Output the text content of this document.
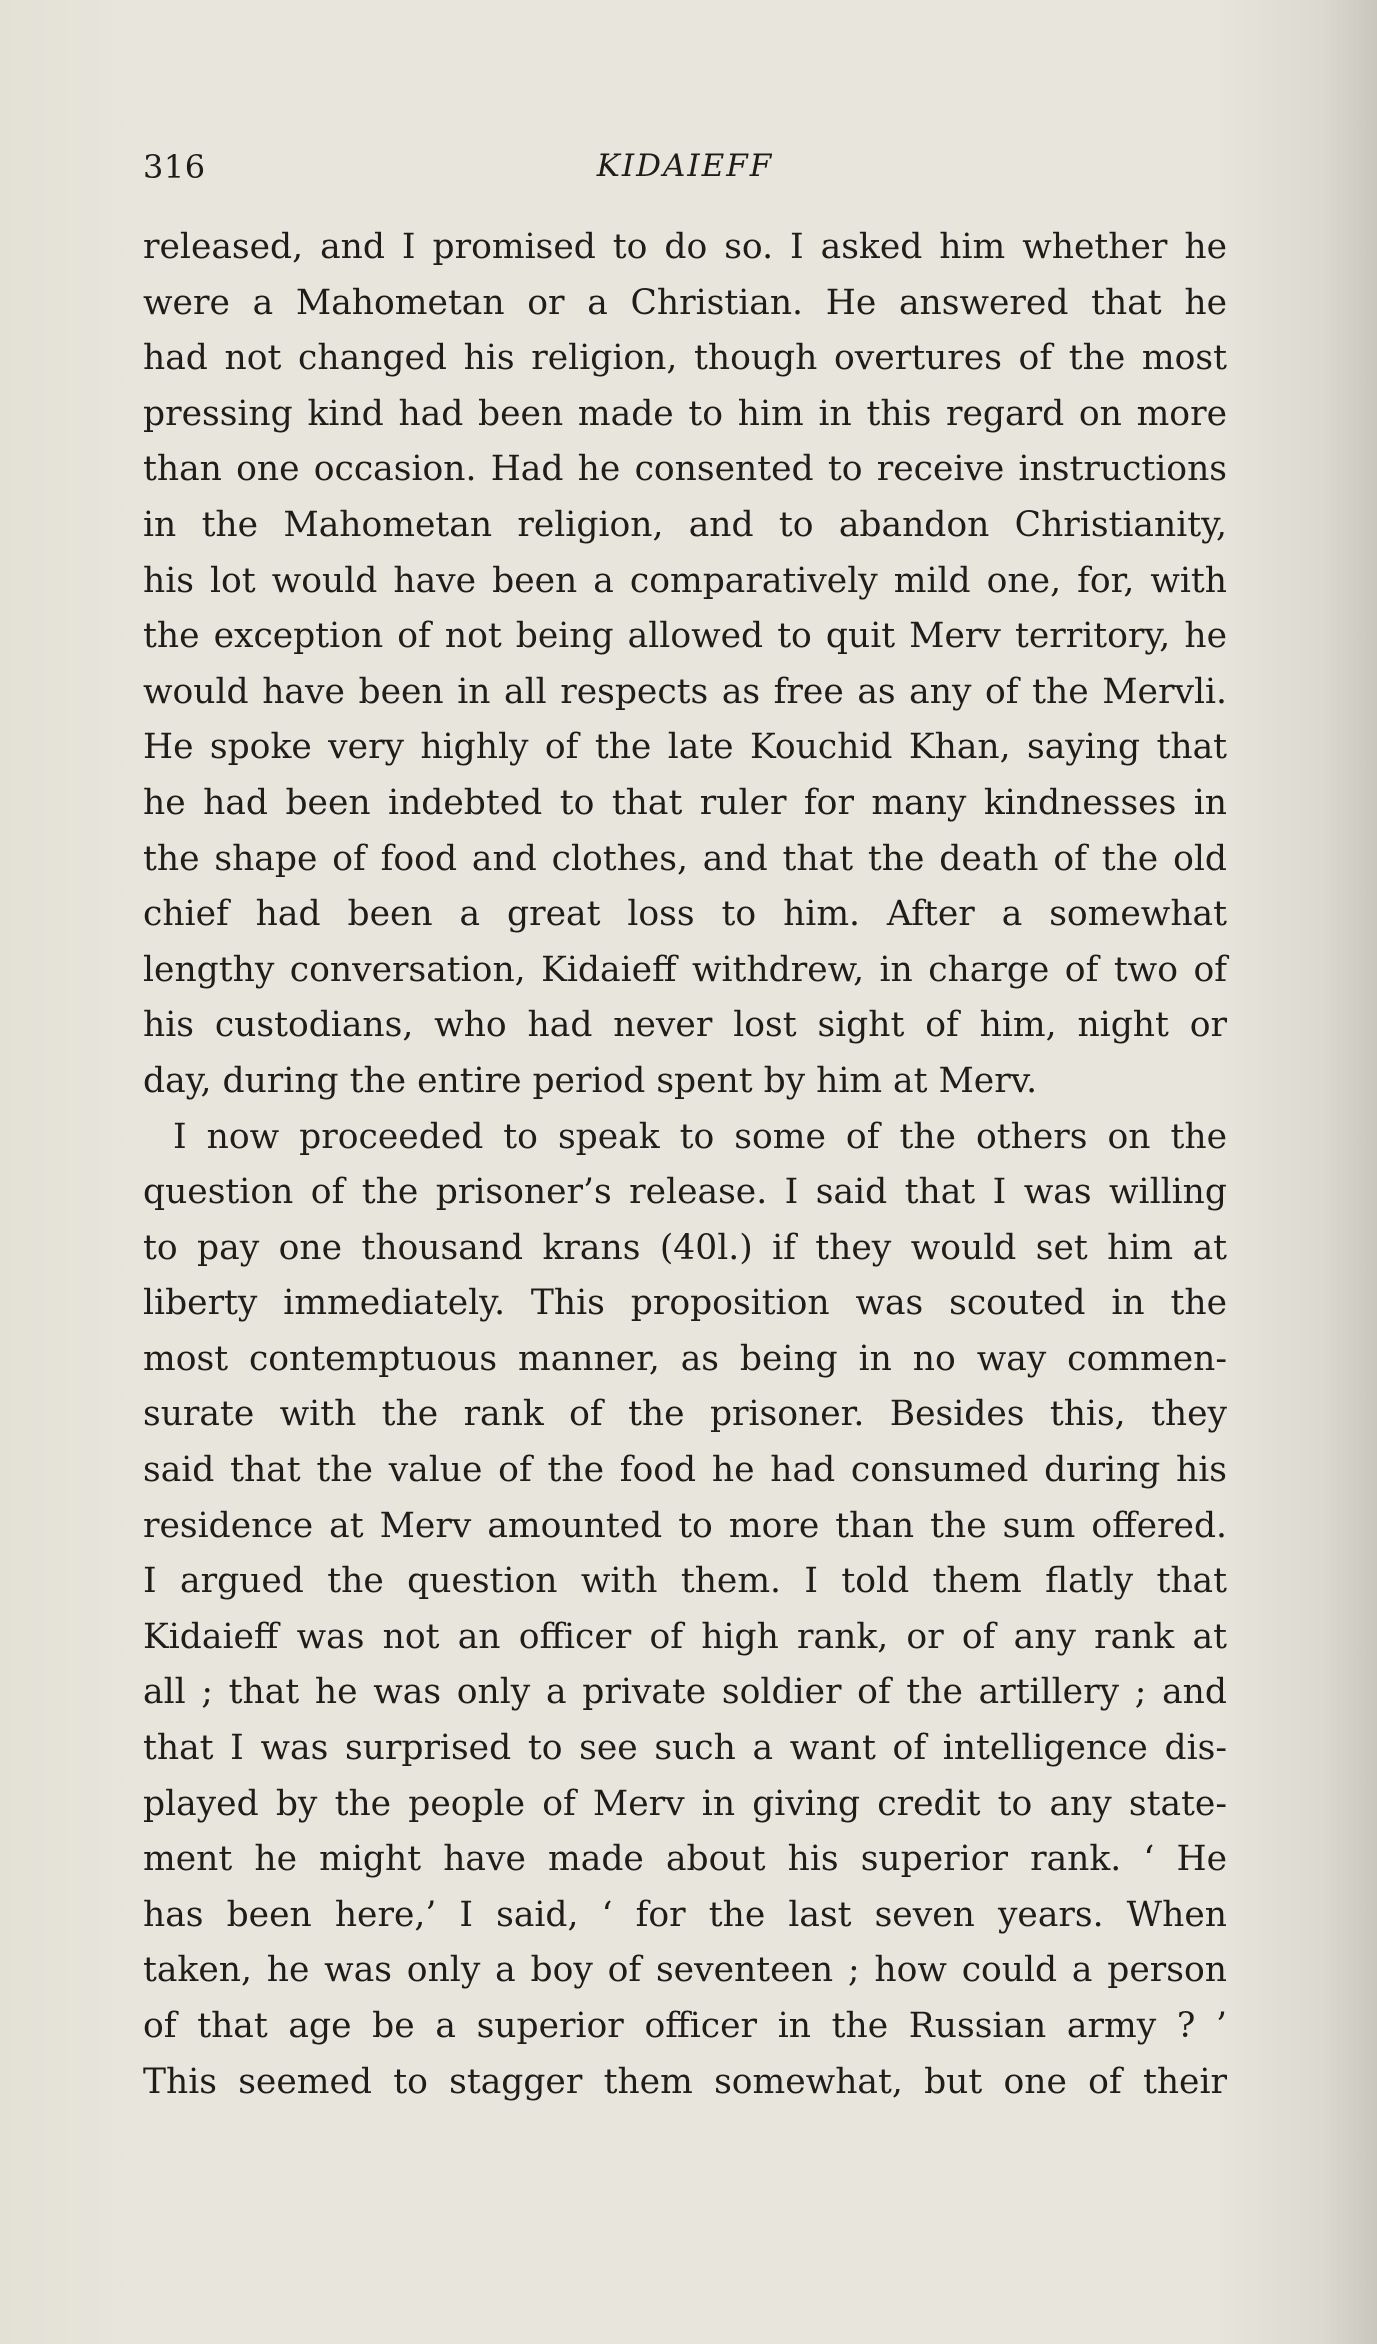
316	KIDAIEFF
released, and I promised to do so. I asked him whether he
were a Mahometan or a Christian. He answered that he
had not changed his religion, though overtures of the most
pressing kind had been made to him in this regard on more
than one occasion. Had he consented to receive instructions
in the Mahometan religion, and to abandon Christianity,
his lot would have been a comparatively mild one, for, with
the exception of not being allowed to quit Merv territory, he
would have been in all respects as free as any of the Mervli.
He spoke very highly of the late Kouchid Khan, saying that
he had been indebted to that ruler for many kindnesses in
the shape of food and clothes, and that the death of the old
chief had been a great loss to him. After a somewhat
lengthy conversation, Kidaieff withdrew, in charge of two of
his custodians, who had never lost sight of him, night or
day, during the entire period spent by him at Merv.
I now proceeded to speak to some of the others on the
question of the prisoner’s release. I said that I was willing
to pay one thousand krans (40l.) if they would set him at
liberty immediately. This proposition was scouted in the
most contemptuous manner, as being in no way commen-
surate with the rank of the prisoner. Besides this, they
said that the value of the food he had consumed during his
residence at Merv amounted to more than the sum offered.
I argued the question with them. I told them flatly that
Kidaieff was not an officer of high rank, or of any rank at
all ; that he was only a private soldier of the artillery ; and
that I was surprised to see such a want of intelligence dis-
played by the people of Merv in giving credit to any state-
ment he might have made about his superior rank. ‘ He
has been here,’ I said, ‘ for the last seven years. When
taken, he was only a boy of seventeen ; how could a person
of that age be a superior officer in the Russian army ? ’
This seemed to stagger them somewhat, but one of their
